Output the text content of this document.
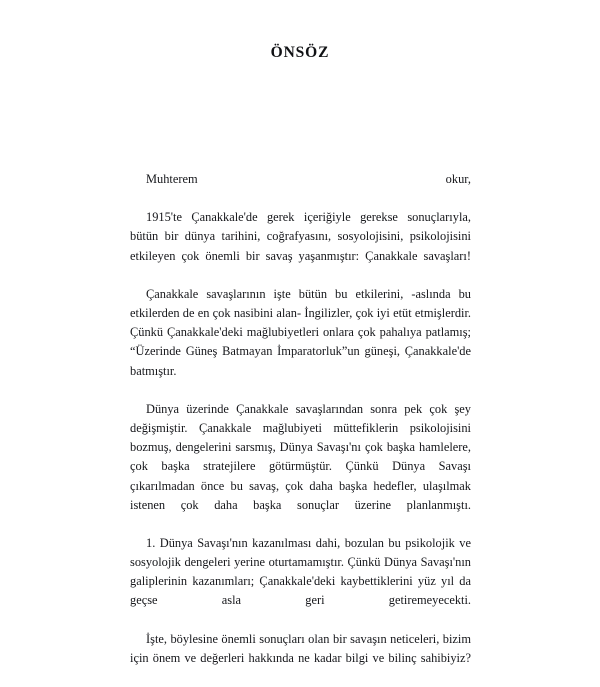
ÖNSÖZ

Muhterem okur,

1915'te Çanakkale'de gerek içeriğiyle gerekse sonuçlarıyla, bütün bir dünya tarihini, coğrafyasını, sosyolojisini, psikolojisini etkileyen çok önemli bir savaş yaşanmıştır: Çanakkale savaşları!

Çanakkale savaşlarının işte bütün bu etkilerini, -aslında bu etkilerden de en çok nasibini alan- İngilizler, çok iyi etüt etmişlerdir. Çünkü Çanakkale'deki mağlubiyetleri onlara çok pahalıya patlamış; “Üzerinde Güneş Batmayan İmparatorluk”un güneşi, Çanakkale'de batmıştır.

Dünya üzerinde Çanakkale savaşlarından sonra pek çok şey değişmiştir. Çanakkale mağlubiyeti müttefiklerin psikolojisini bozmuş, dengelerini sarsmış, Dünya Savaşı'nı çok başka hamlelere, çok başka stratejilere götürmüştür. Çünkü Dünya Savaşı çıkarılmadan önce bu savaş, çok daha başka hedefler, ulaşılmak istenen çok daha başka sonuçlar üzerine planlanmıştı.

1. Dünya Savaşı'nın kazanılması dahi, bozulan bu psikolojik ve sosyolojik dengeleri yerine oturtamamıştır. Çünkü Dünya Savaşı'nın galiplerinin kazanımları; Çanakkale'deki kaybettiklerini yüz yıl da geçse asla geri getiremeyecekti.

İşte, böylesine önemli sonuçları olan bir savaşın neticeleri, bizim için önem ve değerleri hakkında ne kadar bilgi ve bilinç sahibiyiz?
